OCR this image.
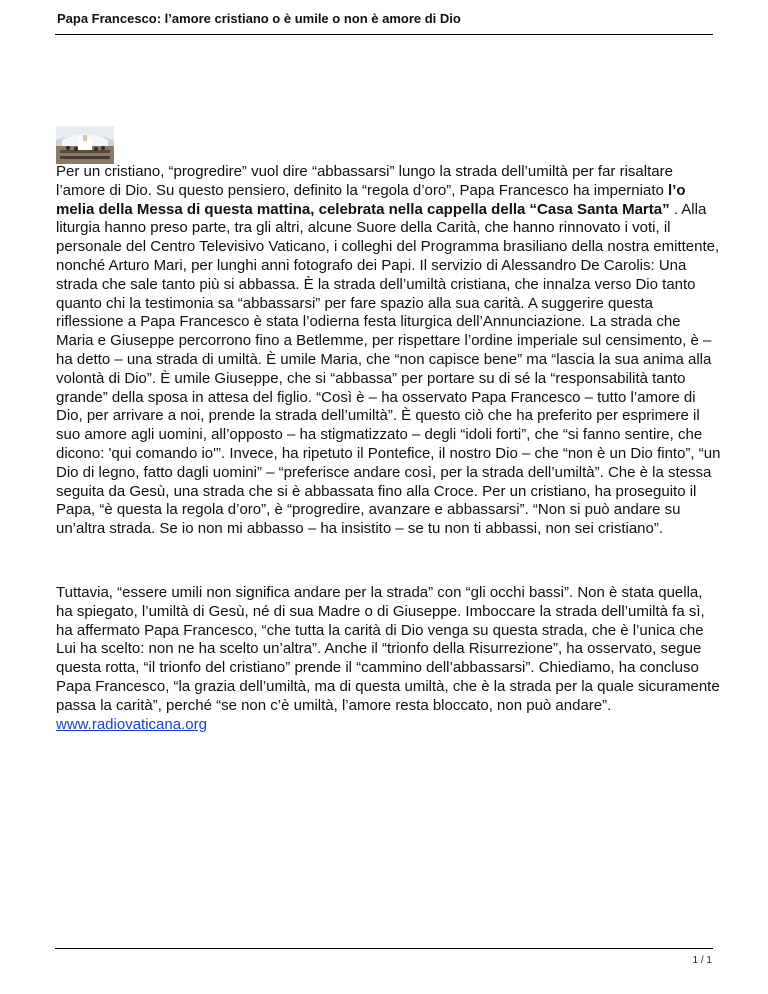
Papa Francesco: l’amore cristiano o è umile o non è amore di Dio

Per un cristiano, “progredire” vuol dire “abbassarsi” lungo la strada dell’umiltà per far risaltare l’amore di Dio. Su questo pensiero, definito la “regola d’oro”, Papa Francesco ha imperniato l’o melia della Messa di questa mattina, celebrata nella cappella della “Casa Santa Marta” . Alla liturgia hanno preso parte, tra gli altri, alcune Suore della Carità, che hanno rinnovato i voti, il personale del Centro Televisivo Vaticano, i colleghi del Programma brasiliano della nostra emittente, nonché Arturo Mari, per lunghi anni fotografo dei Papi. Il servizio di Alessandro De Carolis: Una strada che sale tanto più si abbassa. È la strada dell’umiltà cristiana, che innalza verso Dio tanto quanto chi la testimonia sa “abbassarsi” per fare spazio alla sua carità. A suggerire questa riflessione a Papa Francesco è stata l’odierna festa liturgica dell’Annunciazione. La strada che Maria e Giuseppe percorrono fino a Betlemme, per rispettare l’ordine imperiale sul censimento, è – ha detto – una strada di umiltà. È umile Maria, che “non capisce bene” ma “lascia la sua anima alla volontà di Dio”. È umile Giuseppe, che si “abbassa” per portare su di sé la “responsabilità tanto grande” della sposa in attesa del figlio. “Così è – ha osservato Papa Francesco – tutto l’amore di Dio, per arrivare a noi, prende la strada dell’umiltà”. È questo ciò che ha preferito per esprimere il suo amore agli uomini, all’opposto – ha stigmatizzato – degli “idoli forti”, che “si fanno sentire, che dicono: 'qui comando io'”. Invece, ha ripetuto il Pontefice, il nostro Dio – che “non è un Dio finto”, “un Dio di legno, fatto dagli uomini” – “preferisce andare così, per la strada dell’umiltà”. Che è la stessa seguita da Gesù, una strada che si è abbassata fino alla Croce. Per un cristiano, ha proseguito il Papa, “è questa la regola d’oro”, è “progredire, avanzare e abbassarsi”. “Non si può andare su un’altra strada. Se io non mi abbasso – ha insistito – se tu non ti abbassi, non sei cristiano”.

Tuttavia, “essere umili non significa andare per la strada” con “gli occhi bassi”. Non è stata quella, ha spiegato, l’umiltà di Gesù, né di sua Madre o di Giuseppe. Imboccare la strada dell’umiltà fa sì, ha affermato Papa Francesco, “che tutta la carità di Dio venga su questa strada, che è l’unica che Lui ha scelto: non ne ha scelto un’altra”. Anche il “trionfo della Risurrezione”, ha osservato, segue questa rotta, “il trionfo del cristiano” prende il “cammino dell’abbassarsi”. Chiediamo, ha concluso Papa Francesco, “la grazia dell’umiltà, ma di questa umiltà, che è la strada per la quale sicuramente passa la carità”, perché “se non c’è umiltà, l’amore resta bloccato, non può andare”. www.radiovaticana.org

1 / 1
